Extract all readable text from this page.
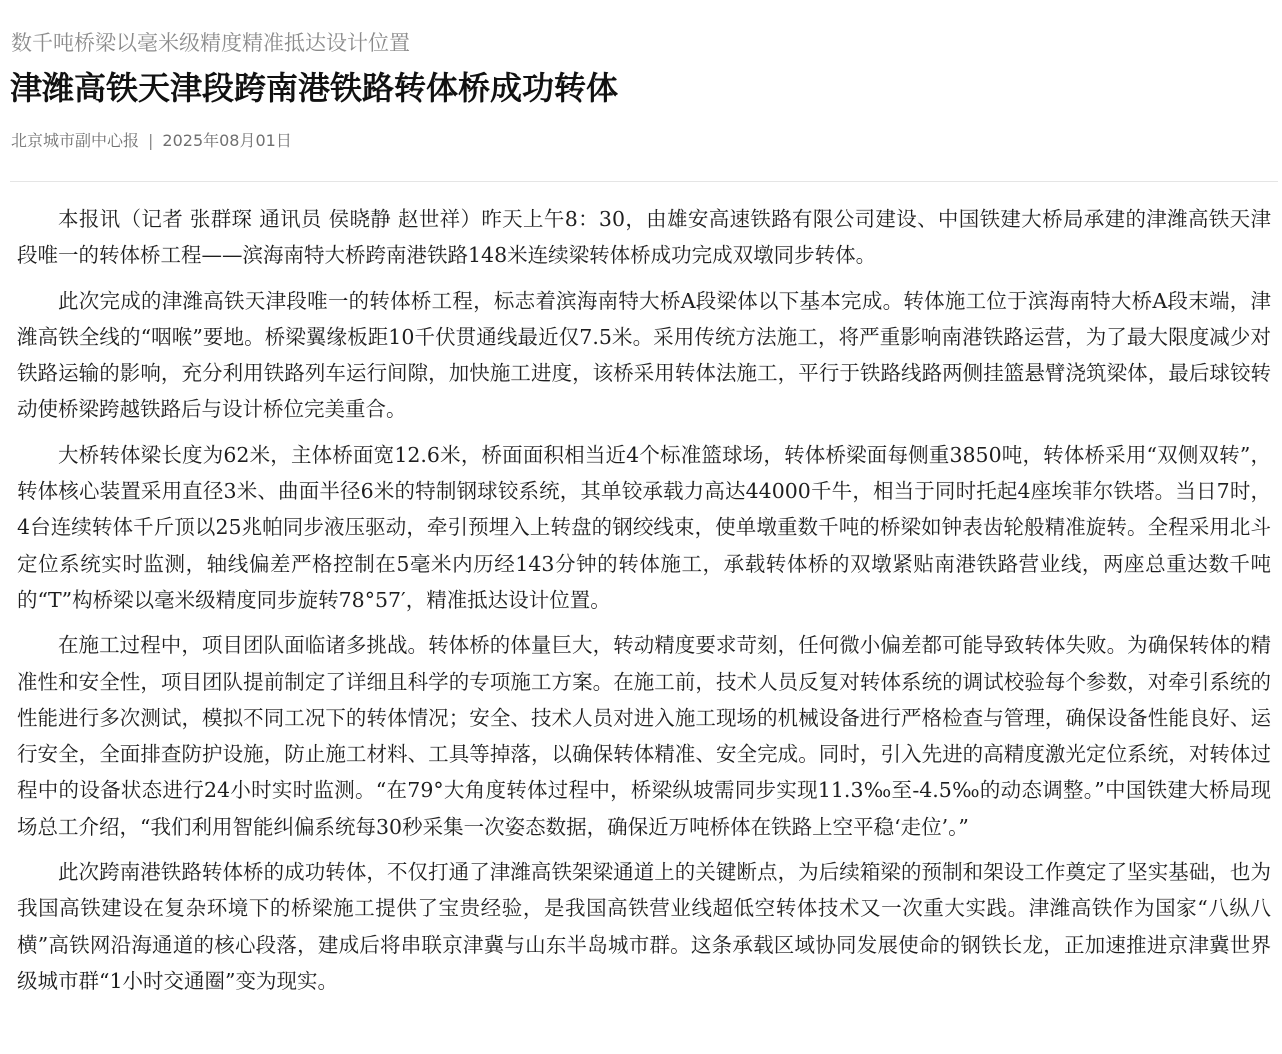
数千吨桥梁以毫米级精度精准抵达设计位置
津潍高铁天津段跨南港铁路转体桥成功转体
北京城市副中心报 | 2025年08月01日

本报讯（记者 张群琛 通讯员 侯晓静 赵世祥）昨天上午8：30，由雄安高速铁路有限公司建设、中国铁建大桥局承建的津潍高铁天津段唯一的转体桥工程——滨海南特大桥跨南港铁路148米连续梁转体桥成功完成双墩同步转体。

此次完成的津潍高铁天津段唯一的转体桥工程，标志着滨海南特大桥A段梁体以下基本完成。转体施工位于滨海南特大桥A段末端，津潍高铁全线的“咽喉”要地。桥梁翼缘板距10千伏贯通线最近仅7.5米。采用传统方法施工，将严重影响南港铁路运营，为了最大限度减少对铁路运输的影响，充分利用铁路列车运行间隙，加快施工进度，该桥采用转体法施工，平行于铁路线路两侧挂篮悬臂浇筑梁体，最后球铰转动使桥梁跨越铁路后与设计桥位完美重合。

大桥转体梁长度为62米，主体桥面宽12.6米，桥面面积相当近4个标准篮球场，转体桥梁面每侧重3850吨，转体桥采用“双侧双转”，转体核心装置采用直径3米、曲面半径6米的特制钢球铰系统，其单铰承载力高达44000千牛，相当于同时托起4座埃菲尔铁塔。当日7时，4台连续转体千斤顶以25兆帕同步液压驱动，牵引预埋入上转盘的钢绞线束，使单墩重数千吨的桥梁如钟表齿轮般精准旋转。全程采用北斗定位系统实时监测，轴线偏差严格控制在5毫米内历经143分钟的转体施工，承载转体桥的双墩紧贴南港铁路营业线，两座总重达数千吨的“T”构桥梁以毫米级精度同步旋转78°57′，精准抵达设计位置。

在施工过程中，项目团队面临诸多挑战。转体桥的体量巨大，转动精度要求苛刻，任何微小偏差都可能导致转体失败。为确保转体的精准性和安全性，项目团队提前制定了详细且科学的专项施工方案。在施工前，技术人员反复对转体系统的调试校验每个参数，对牵引系统的性能进行多次测试，模拟不同工况下的转体情况；安全、技术人员对进入施工现场的机械设备进行严格检查与管理，确保设备性能良好、运行安全，全面排查防护设施，防止施工材料、工具等掉落，以确保转体精准、安全完成。同时，引入先进的高精度激光定位系统，对转体过程中的设备状态进行24小时实时监测。“在79°大角度转体过程中，桥梁纵坡需同步实现11.3‰至-4.5‰的动态调整。”中国铁建大桥局现场总工介绍，“我们利用智能纠偏系统每30秒采集一次姿态数据，确保近万吨桥体在铁路上空平稳‘走位’。”

此次跨南港铁路转体桥的成功转体，不仅打通了津潍高铁架梁通道上的关键断点，为后续箱梁的预制和架设工作奠定了坚实基础，也为我国高铁建设在复杂环境下的桥梁施工提供了宝贵经验，是我国高铁营业线超低空转体技术又一次重大实践。津潍高铁作为国家“八纵八横”高铁网沿海通道的核心段落，建成后将串联京津冀与山东半岛城市群。这条承载区域协同发展使命的钢铁长龙，正加速推进京津冀世界级城市群“1小时交通圈”变为现实。
